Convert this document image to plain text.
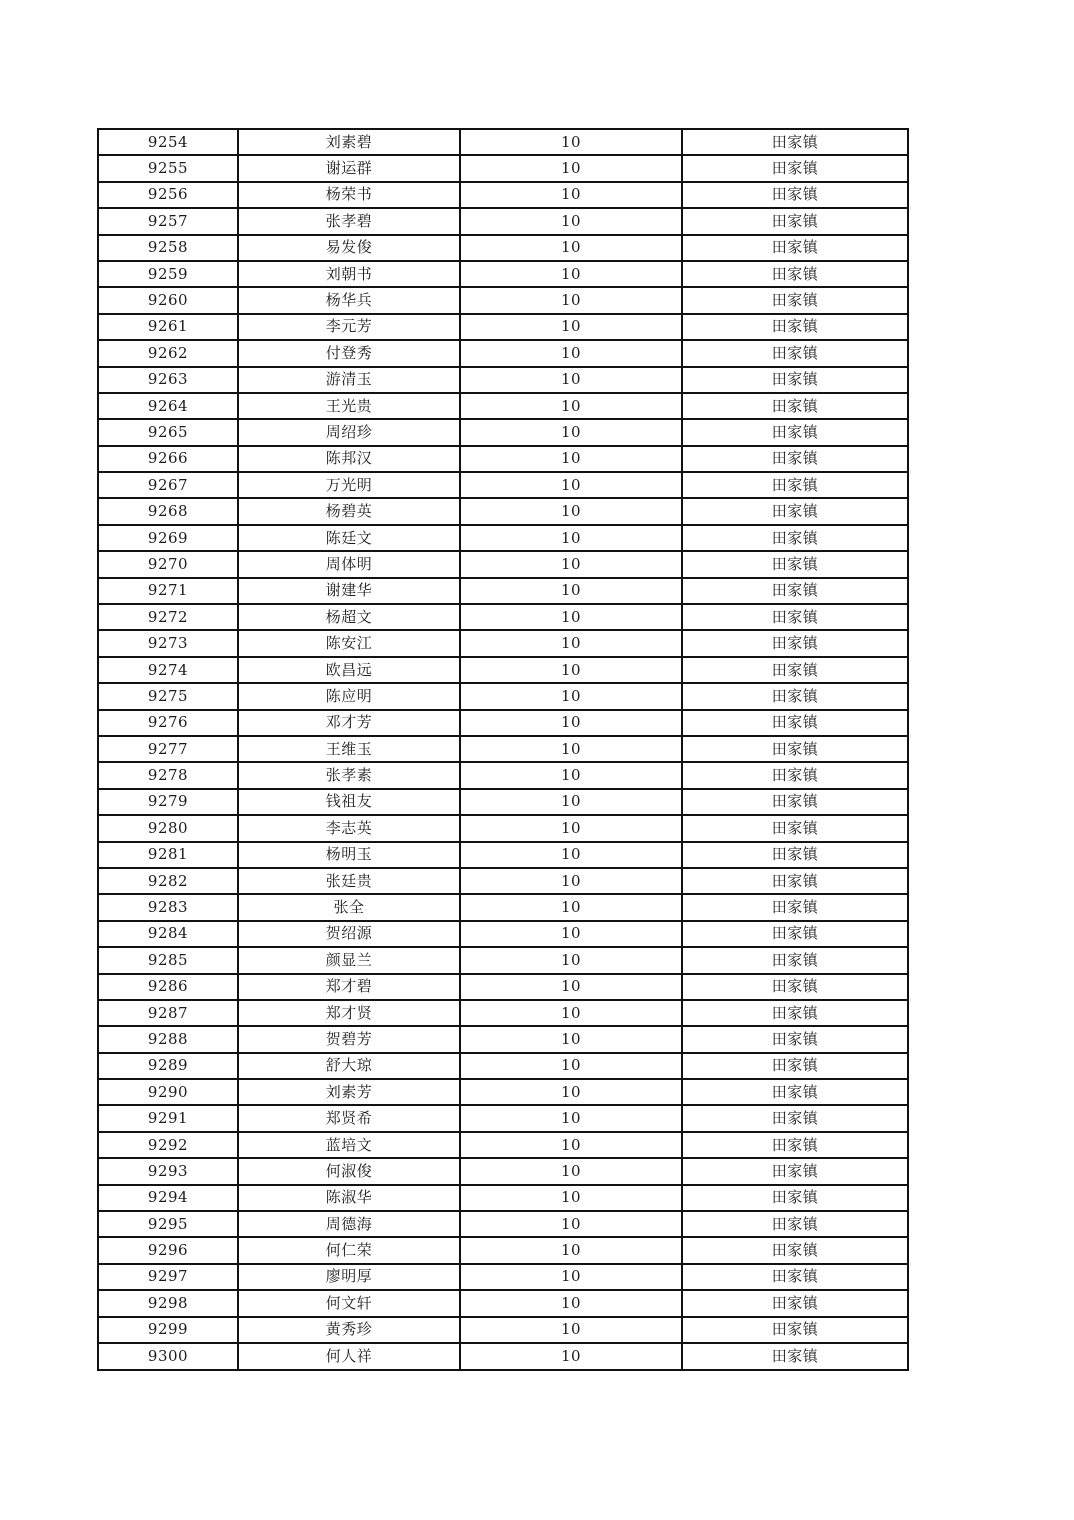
9254	刘素碧	10	田家镇
9255	谢运群	10	田家镇
9256	杨荣书	10	田家镇
9257	张孝碧	10	田家镇
9258	易发俊	10	田家镇
9259	刘朝书	10	田家镇
9260	杨华兵	10	田家镇
9261	李元芳	10	田家镇
9262	付登秀	10	田家镇
9263	游清玉	10	田家镇
9264	王光贵	10	田家镇
9265	周绍珍	10	田家镇
9266	陈邦汉	10	田家镇
9267	万光明	10	田家镇
9268	杨碧英	10	田家镇
9269	陈廷文	10	田家镇
9270	周体明	10	田家镇
9271	谢建华	10	田家镇
9272	杨超文	10	田家镇
9273	陈安江	10	田家镇
9274	欧昌远	10	田家镇
9275	陈应明	10	田家镇
9276	邓才芳	10	田家镇
9277	王维玉	10	田家镇
9278	张孝素	10	田家镇
9279	钱祖友	10	田家镇
9280	李志英	10	田家镇
9281	杨明玉	10	田家镇
9282	张廷贵	10	田家镇
9283	张全	10	田家镇
9284	贺绍源	10	田家镇
9285	颜显兰	10	田家镇
9286	郑才碧	10	田家镇
9287	郑才贤	10	田家镇
9288	贺碧芳	10	田家镇
9289	舒大琼	10	田家镇
9290	刘素芳	10	田家镇
9291	郑贤希	10	田家镇
9292	蓝培文	10	田家镇
9293	何淑俊	10	田家镇
9294	陈淑华	10	田家镇
9295	周德海	10	田家镇
9296	何仁荣	10	田家镇
9297	廖明厚	10	田家镇
9298	何文轩	10	田家镇
9299	黄秀珍	10	田家镇
9300	何人祥	10	田家镇
